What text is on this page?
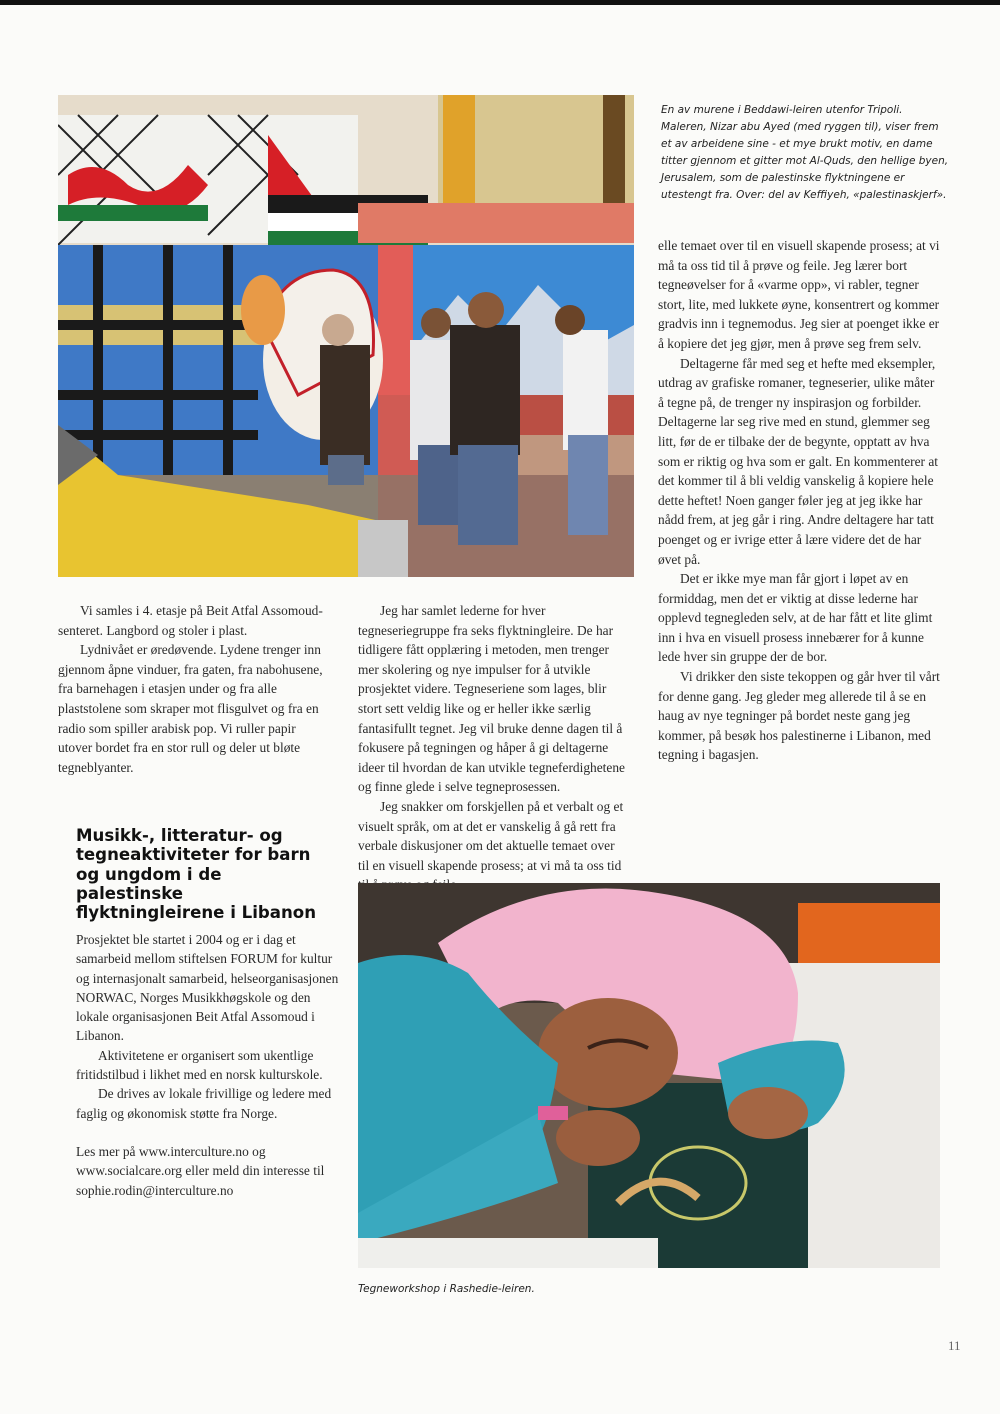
En av murene i Beddawi-leiren utenfor Tripoli. Maleren, Nizar abu Ayed (med ryggen til), viser frem et av arbeidene sine - et mye brukt motiv, en dame titter gjennom et gitter mot Al-Quds, den hellige byen, Jerusalem, som de palestinske flyktningene er utestengt fra. Over: del av Keffiyeh, «palestinaskjerf».

Vi samles i 4. etasje på Beit Atfal Assomoud-senteret. Langbord og stoler i plast.

Lydnivået er øredøvende. Lydene trenger inn gjennom åpne vinduer, fra gaten, fra nabohusene, fra barnehagen i etasjen under og fra alle plaststolene som skraper mot flisgulvet og fra en radio som spiller arabisk pop. Vi ruller papir utover bordet fra en stor rull og deler ut bløte tegneblyanter.

Jeg har samlet lederne for hver tegneseriegruppe fra seks flyktningleire. De har tidligere fått opplæring i metoden, men trenger mer skolering og nye impulser for å utvikle prosjektet videre. Tegneseriene som lages, blir stort sett veldig like og er heller ikke særlig fantasifullt tegnet. Jeg vil bruke denne dagen til å fokusere på tegningen og håper å gi deltagerne ideer til hvordan de kan utvikle tegneferdighetene og finne glede i selve tegneprosessen.

Jeg snakker om forskjellen på et verbalt og et visuelt språk, om at det er vanskelig å gå rett fra verbale diskusjoner om det aktuelle temaet over til en visuell skapende prosess; at vi må ta oss tid

elle temaet over til en visuell skapende prosess; at vi må ta oss tid til å prøve og feile. Jeg lærer bort tegneøvelser for å «varme opp», vi rabler, tegner stort, lite, med lukkete øyne, konsentrert og kommer gradvis inn i tegnemodus. Jeg sier at poenget ikke er å kopiere det jeg gjør, men å prøve seg frem selv.

Deltagerne får med seg et hefte med eksempler, utdrag av grafiske romaner, tegneserier, ulike måter å tegne på, de trenger ny inspirasjon og forbilder. Deltagerne lar seg rive med en stund, glemmer seg litt, før de er tilbake der de begynte, opptatt av hva som er riktig og hva som er galt. En kommenterer at det kommer til å bli veldig vanskelig å kopiere hele dette heftet! Noen ganger føler jeg at jeg ikke har nådd frem, at jeg går i ring. Andre deltagere har tatt poenget og er ivrige etter å lære videre det de har øvet på.

Det er ikke mye man får gjort i løpet av en formiddag, men det er viktig at disse lederne har opplevd tegnegleden selv, at de har fått et lite glimt inn i hva en visuell prosess innebærer for å kunne lede hver sin gruppe der de bor.

Vi drikker den siste tekoppen og går hver til vårt for denne gang. Jeg gleder meg allerede til å se en haug av nye tegninger på bordet neste gang jeg kommer, på besøk hos palestinerne i Libanon, med tegning i bagasjen.

Musikk-, litteratur- og tegneaktiviteter for barn og ungdom i de palestinske flyktningleirene i Libanon

Prosjektet ble startet i 2004 og er i dag et samarbeid mellom stiftelsen FORUM for kultur og internasjonalt samarbeid, helseorganisasjonen NORWAC, Norges Musikkhøgskole og den lokale organisasjonen Beit Atfal Assomoud i Libanon.

Aktivitetene er organisert som ukentlige fritidstilbud i likhet med en norsk kulturskole.

De drives av lokale frivillige og ledere med faglig og økonomisk støtte fra Norge.

Les mer på www.interculture.no og www.socialcare.org eller meld din interesse til sophie.rodin@interculture.no

Tegneworkshop i Rashedie-leiren.
11
